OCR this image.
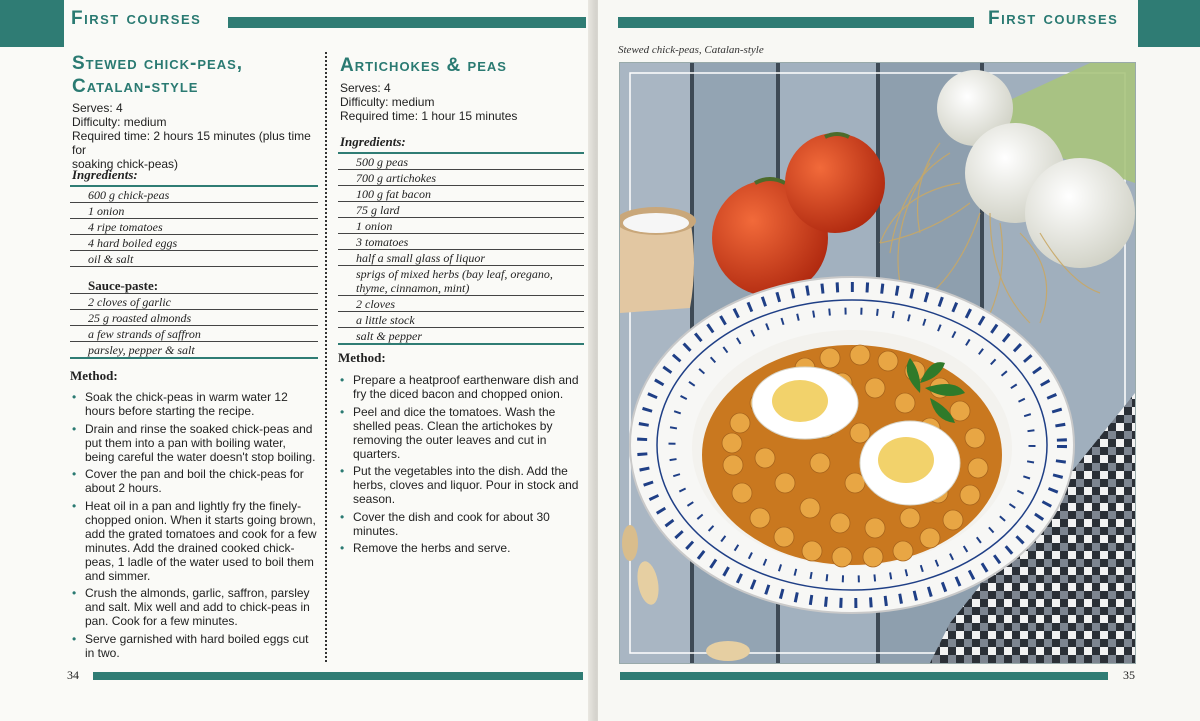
First courses
Stewed chick-peas,
Catalan-style
Serves: 4
Difficulty: medium
Required time: 2 hours 15 minutes (plus time for
soaking chick-peas)
Ingredients:
600 g chick-peas
1 onion
4 ripe tomatoes
4 hard boiled eggs
oil & salt
Sauce-paste:
2 cloves of garlic
25 g roasted almonds
a few strands of saffron
parsley, pepper & salt
Method:
• Soak the chick-peas in warm water 12 hours before starting the recipe.
• Drain and rinse the soaked chick-peas and put them into a pan with boiling water, being careful the water doesn't stop boiling.
• Cover the pan and boil the chick-peas for about 2 hours.
• Heat oil in a pan and lightly fry the finely-chopped onion. When it starts going brown, add the grated tomatoes and cook for a few minutes. Add the drained cooked chick-peas, 1 ladle of the water used to boil them and simmer.
• Crush the almonds, garlic, saffron, parsley and salt. Mix well and add to chick-peas in pan. Cook for a few minutes.
• Serve garnished with hard boiled eggs cut in two.
Artichokes & peas
Serves: 4
Difficulty: medium
Required time: 1 hour 15 minutes
Ingredients:
500 g peas
700 g artichokes
100 g fat bacon
75 g lard
1 onion
3 tomatoes
half a small glass of liquor
sprigs of mixed herbs (bay leaf, oregano, thyme, cinnamon, mint)
2 cloves
a little stock
salt & pepper
Method:
• Prepare a heatproof earthenware dish and fry the diced bacon and chopped onion.
• Peel and dice the tomatoes. Wash the shelled peas. Clean the artichokes by removing the outer leaves and cut in quarters.
• Put the vegetables into the dish. Add the herbs, cloves and liquor. Pour in stock and season.
• Cover the dish and cook for about 30 minutes.
• Remove the herbs and serve.
34
First courses
Stewed chick-peas, Catalan-style
35
